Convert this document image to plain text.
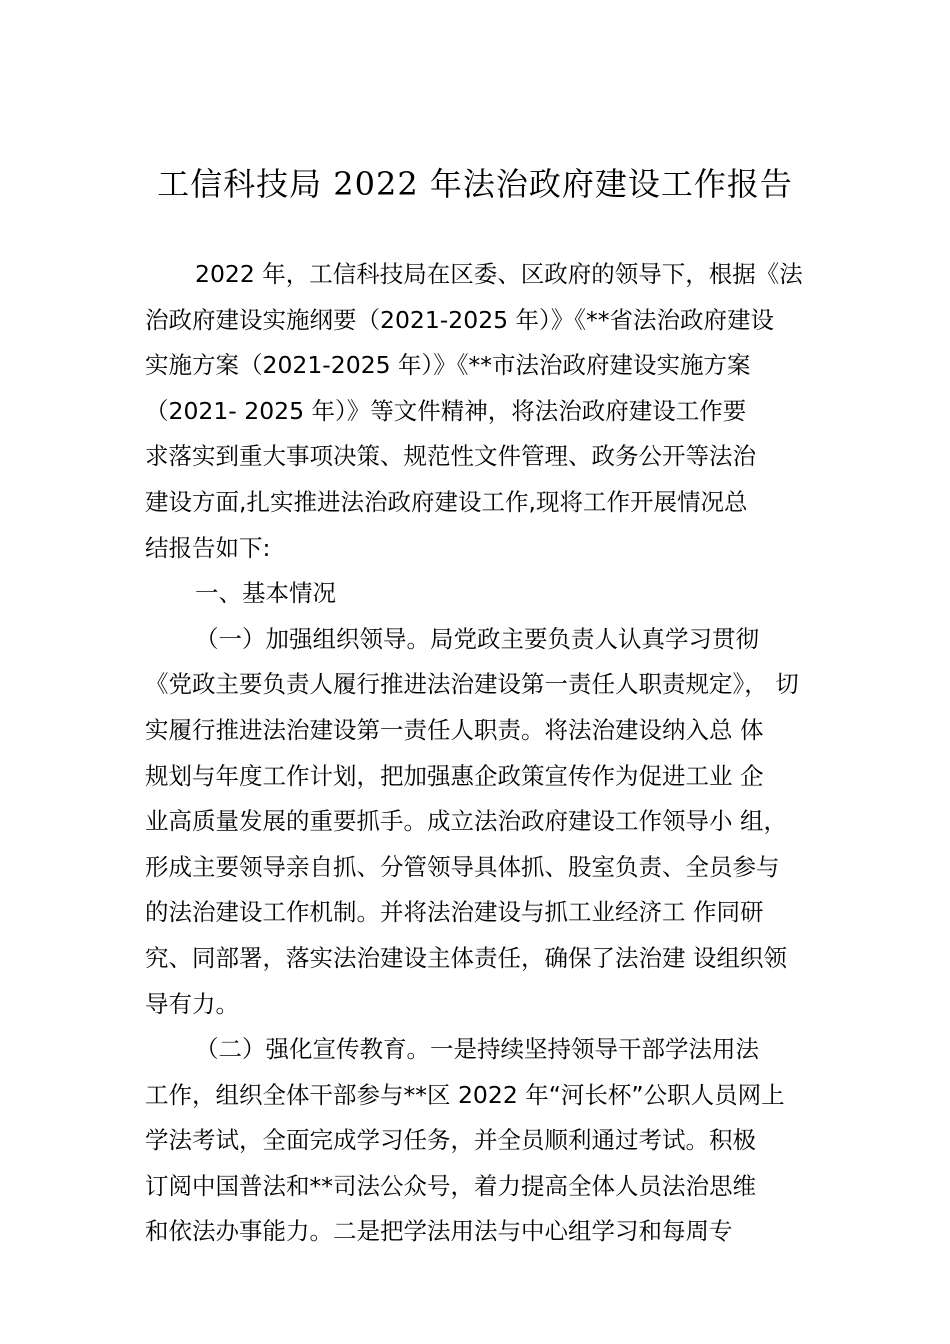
工信科技局 2022 年法治政府建设工作报告
2022 年，工信科技局在区委、区政府的领导下，根据《法
治政府建设实施纲要（2021-2025 年）》《**省法治政府建设
实施方案（2021-2025 年）》《**市法治政府建设实施方案
（2021- 2025 年）》等文件精神，将法治政府建设工作要
求落实到重大事项决策、规范性文件管理、政务公开等法治
建设方面,扎实推进法治政府建设工作,现将工作开展情况总
结报告如下:
一、基本情况
（一）加强组织领导。局党政主要负责人认真学习贯彻
《党政主要负责人履行推进法治建设第一责任人职责规定》， 切
实履行推进法治建设第一责任人职责。将法治建设纳入总 体
规划与年度工作计划，把加强惠企政策宣传作为促进工业 企
业高质量发展的重要抓手。成立法治政府建设工作领导小 组，
形成主要领导亲自抓、分管领导具体抓、股室负责、全员参与
的法治建设工作机制。并将法治建设与抓工业经济工 作同研
究、同部署，落实法治建设主体责任，确保了法治建 设组织领
导有力。
（二）强化宣传教育。一是持续坚持领导干部学法用法
工作，组织全体干部参与**区 2022 年“河长杯”公职人员网上
学法考试，全面完成学习任务，并全员顺利通过考试。积极
订阅中国普法和**司法公众号，着力提高全体人员法治思维
和依法办事能力。二是把学法用法与中心组学习和每周专
